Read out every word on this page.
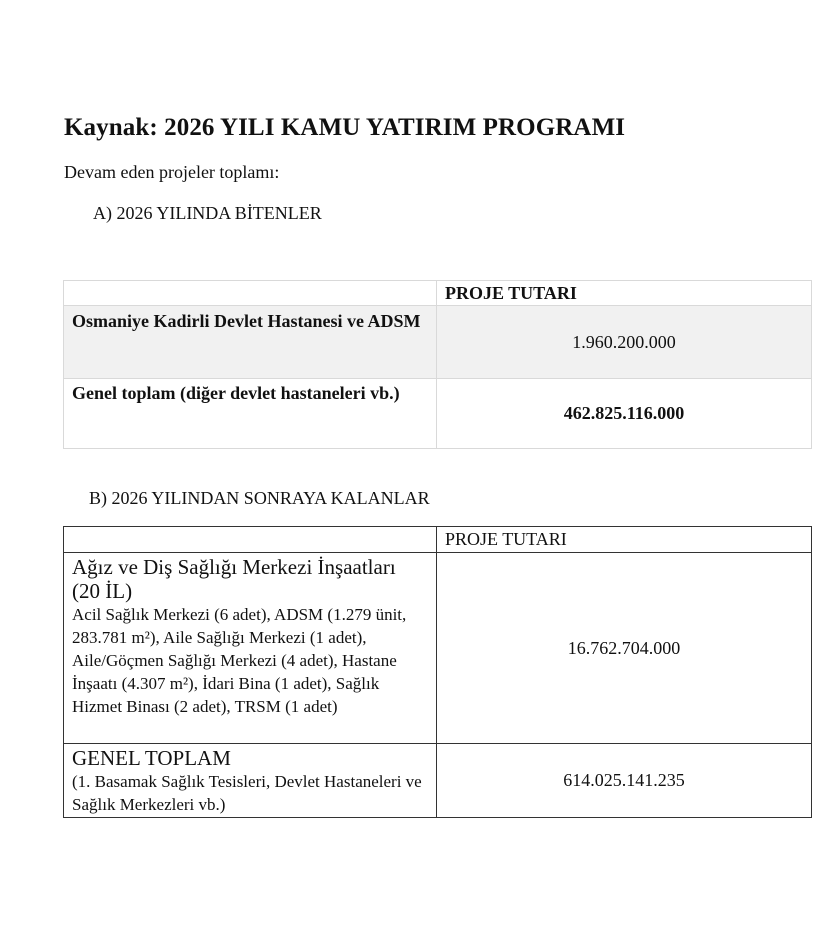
Kaynak: 2026 YILI KAMU YATIRIM PROGRAMI
Devam eden projeler toplamı:
A) 2026 YILINDA BİTENLER
	PROJE TUTARI
Osmaniye Kadirli Devlet Hastanesi ve ADSM	1.960.200.000
Genel toplam (diğer devlet hastaneleri vb.)	462.825.116.000
B) 2026 YILINDAN SONRAYA KALANLAR
	PROJE TUTARI

Ağız ve Diş Sağlığı Merkezi İnşaatları (20 İL)
Acil Sağlık Merkezi (6 adet), ADSM (1.279 ünit, 283.781 m²), Aile Sağlığı Merkezi (1 adet), Aile/Göçmen Sağlığı Merkezi (4 adet), Hastane İnşaatı (4.307 m²), İdari Bina (1 adet), Sağlık Hizmet Binası (2 adet), TRSM (1 adet)	16.762.704.000

GENEL TOPLAM
(1. Basamak Sağlık Tesisleri, Devlet Hastaneleri ve Sağlık Merkezleri vb.)	614.025.141.235
